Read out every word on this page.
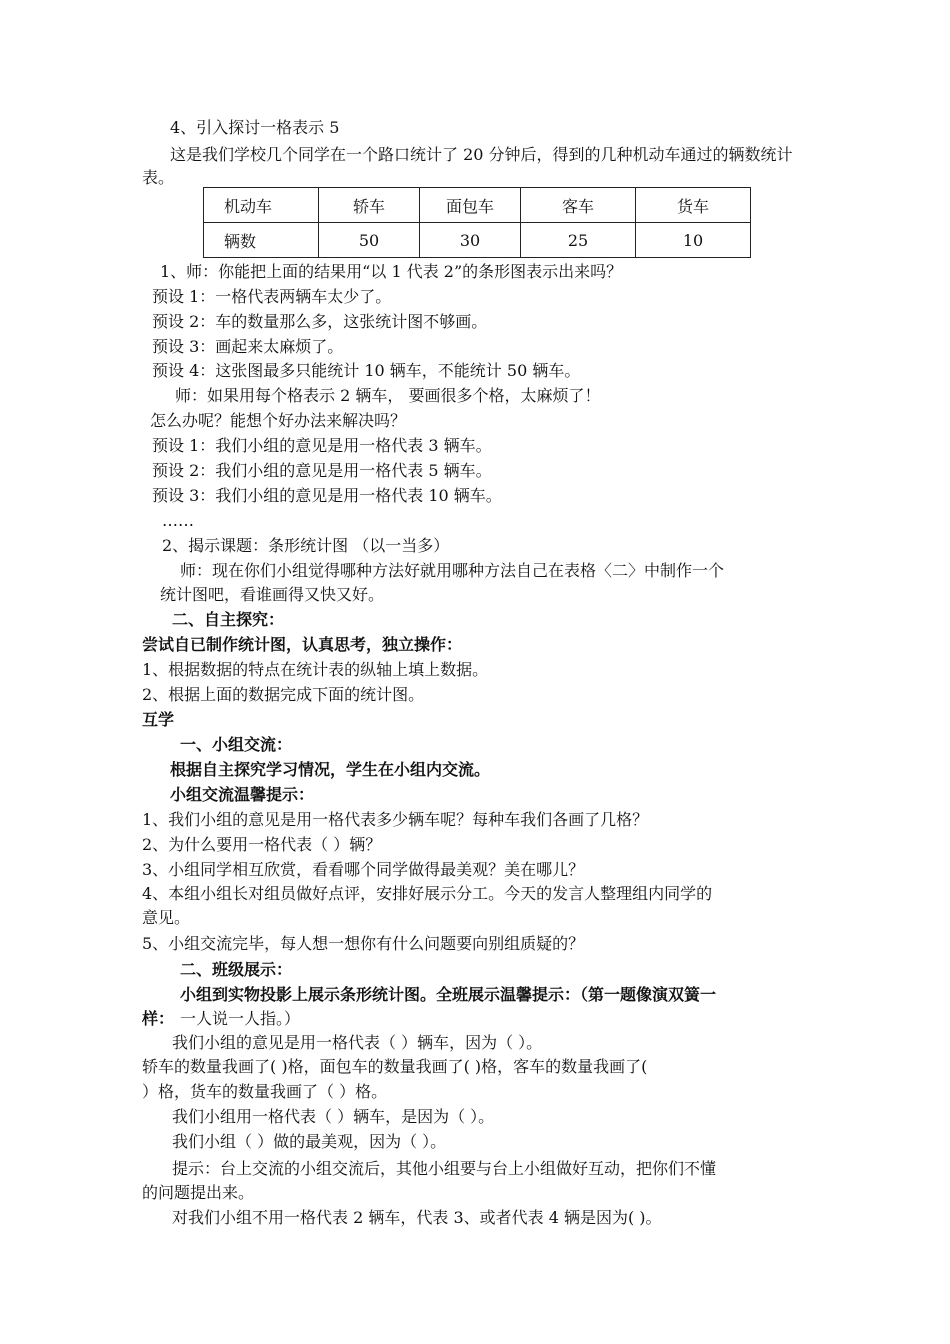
4、引入探讨一格表示 5
这是我们学校几个同学在一个路口统计了 20 分钟后，得到的几种机动车通过的辆数统计
表。
机动车	轿车	面包车	客车	货车
辆数	50	30	25	10
1、师：你能把上面的结果用“以 1 代表 2”的条形图表示出来吗？
预设 1：一格代表两辆车太少了。
预设 2：车的数量那么多，这张统计图不够画。
预设 3：画起来太麻烦了。
预设 4：这张图最多只能统计 10 辆车，不能统计 50 辆车。
师：如果用每个格表示 2 辆车， 要画很多个格，太麻烦了！
怎么办呢？能想个好办法来解决吗？
预设 1：我们小组的意见是用一格代表 3 辆车。
预设 2：我们小组的意见是用一格代表 5 辆车。
预设 3：我们小组的意见是用一格代表 10 辆车。
……
2、揭示课题：条形统计图 （以一当多）
师：现在你们小组觉得哪种方法好就用哪种方法自己在表格〈二〉中制作一个
统计图吧，看谁画得又快又好。
二、自主探究：
尝试自已制作统计图，认真思考，独立操作：
1、根据数据的特点在统计表的纵轴上填上数据。
2、根据上面的数据完成下面的统计图。
互学
一、小组交流：
根据自主探究学习情况，学生在小组内交流。
小组交流温馨提示：
1、我们小组的意见是用一格代表多少辆车呢？每种车我们各画了几格？
2、为什么要用一格代表（ ）辆？
3、小组同学相互欣赏，看看哪个同学做得最美观？美在哪儿？
4、本组小组长对组员做好点评，安排好展示分工。今天的发言人整理组内同学的
意见。
5、小组交流完毕，每人想一想你有什么问题要向别组质疑的？
二、班级展示：
小组到实物投影上展示条形统计图。全班展示温馨提示：（第一题像演双簧一
样： 一人说一人指。）
我们小组的意见是用一格代表（ ）辆车，因为（ ）。
轿车的数量我画了( )格，面包车的数量我画了( )格，客车的数量我画了(
）格，货车的数量我画了（ ）格。
我们小组用一格代表（ ）辆车，是因为（ ）。
我们小组（ ）做的最美观，因为（ ）。
提示：台上交流的小组交流后，其他小组要与台上小组做好互动，把你们不懂
的问题提出来。
对我们小组不用一格代表 2 辆车，代表 3、或者代表 4 辆是因为( )。
